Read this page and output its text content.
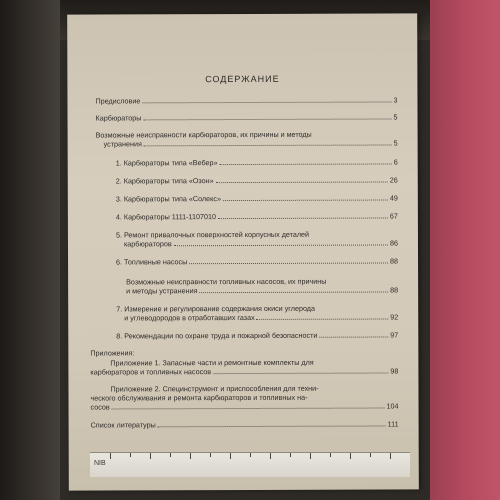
СОДЕРЖАНИЕ
Предисловие	3
Карбюраторы	5
Возможные неисправности карбюраторов, их причины и методы
устранения	5
1. Карбюраторы типа «Вебер»	6
2. Карбюраторы типа «Озон»	26
3. Карбюраторы типа «Солекс»	49
4. Карбюраторы 1111-1107010	67
5. Ремонт привалочных поверхностей корпусных деталей
карбюраторов	86
6. Топливные насосы	88
Возможные неисправности топливных насосов, их причины
и методы устранения	88
7. Измерение и регулирование содержания окиси углерода
и углеводородов в отработавших газах	92
8. Рекомендации по охране труда и пожарной безопасности	97
Приложения:
Приложение 1. Запасные части и ремонтные комплекты для
карбюраторов и топливных насосов	98
Приложение 2. Специнструмент и приспособления для техни-
ческого обслуживания и ремонта карбюраторов и топливных на-
сосов	104
Список литературы	111
NIB
